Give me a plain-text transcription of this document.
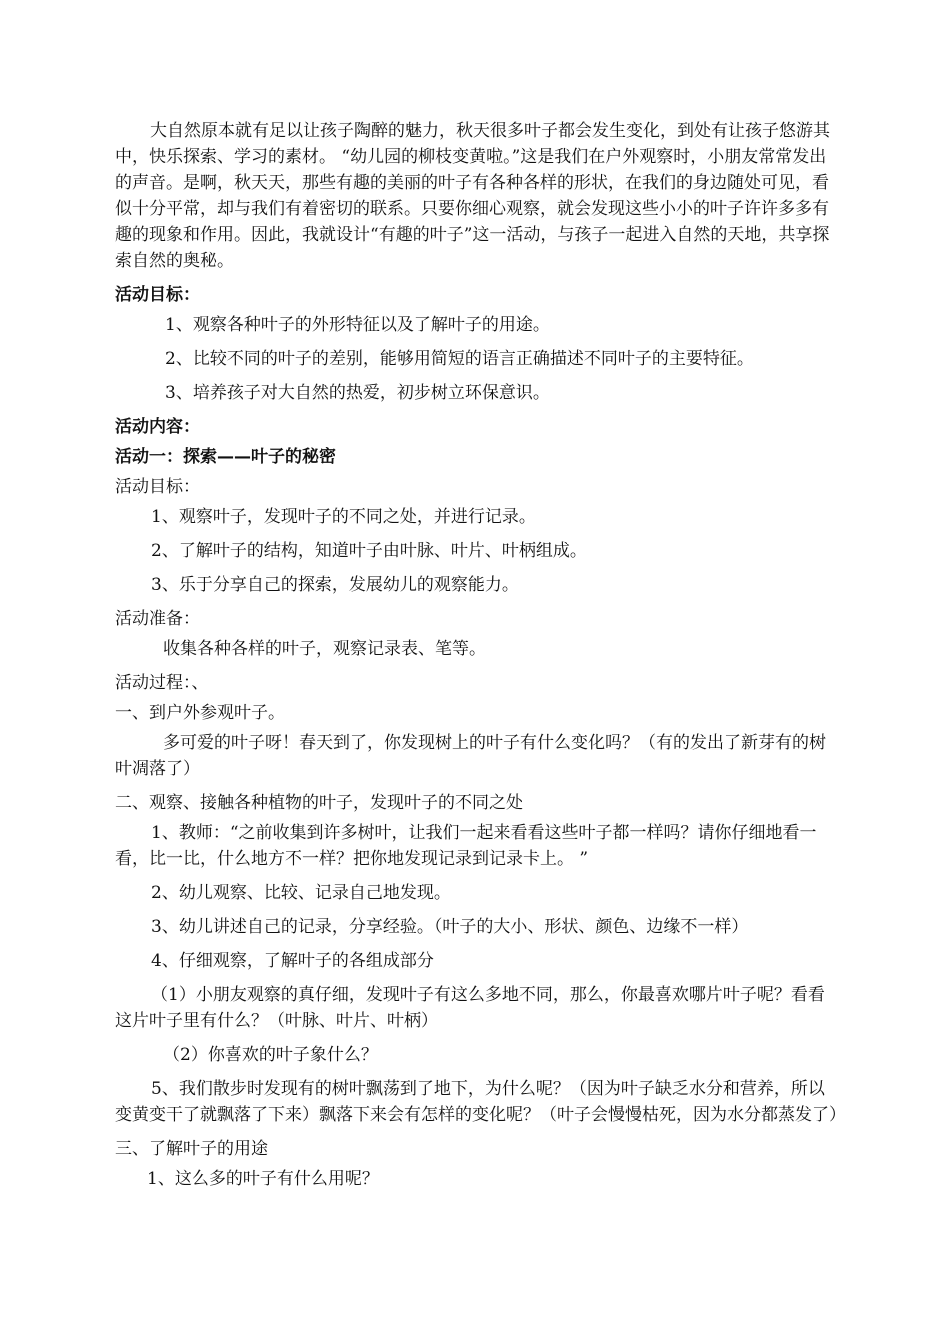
大自然原本就有足以让孩子陶醉的魅力，秋天很多叶子都会发生变化，到处有让孩子悠游其中，快乐探索、学习的素材。 “幼儿园的柳枝变黄啦。”这是我们在户外观察时，小朋友常常发出的声音。是啊，秋天天，那些有趣的美丽的叶子有各种各样的形状，在我们的身边随处可见，看似十分平常，却与我们有着密切的联系。只要你细心观察，就会发现这些小小的叶子许许多多有趣的现象和作用。因此，我就设计“有趣的叶子”这一活动，与孩子一起进入自然的天地，共享探索自然的奥秘。

活动目标：

1、观察各种叶子的外形特征以及了解叶子的用途。

2、比较不同的叶子的差别，能够用简短的语言正确描述不同叶子的主要特征。

3、培养孩子对大自然的热爱，初步树立环保意识。

活动内容：

活动一：探索——叶子的秘密

活动目标：

1、观察叶子，发现叶子的不同之处，并进行记录。

2、了解叶子的结构，知道叶子由叶脉、叶片、叶柄组成。

3、乐于分享自己的探索，发展幼儿的观察能力。

活动准备：

收集各种各样的叶子，观察记录表、笔等。

活动过程：、

一、到户外参观叶子。

多可爱的叶子呀！春天到了，你发现树上的叶子有什么变化吗？（有的发出了新芽有的树叶凋落了）

二、观察、接触各种植物的叶子，发现叶子的不同之处

1、教师：“之前收集到许多树叶，让我们一起来看看这些叶子都一样吗？请你仔细地看一看，比一比，什么地方不一样？把你地发现记录到记录卡上。 ”

2、幼儿观察、比较、记录自己地发现。

3、幼儿讲述自己的记录，分享经验。（叶子的大小、形状、颜色、边缘不一样）

4、仔细观察，了解叶子的各组成部分

（1）小朋友观察的真仔细，发现叶子有这么多地不同，那么，你最喜欢哪片叶子呢？看看这片叶子里有什么？（叶脉、叶片、叶柄）

（2）你喜欢的叶子象什么？

5、我们散步时发现有的树叶飘荡到了地下，为什么呢？（因为叶子缺乏水分和营养，所以变黄变干了就飘落了下来）飘落下来会有怎样的变化呢？（叶子会慢慢枯死，因为水分都蒸发了）

三、了解叶子的用途

1、这么多的叶子有什么用呢？
